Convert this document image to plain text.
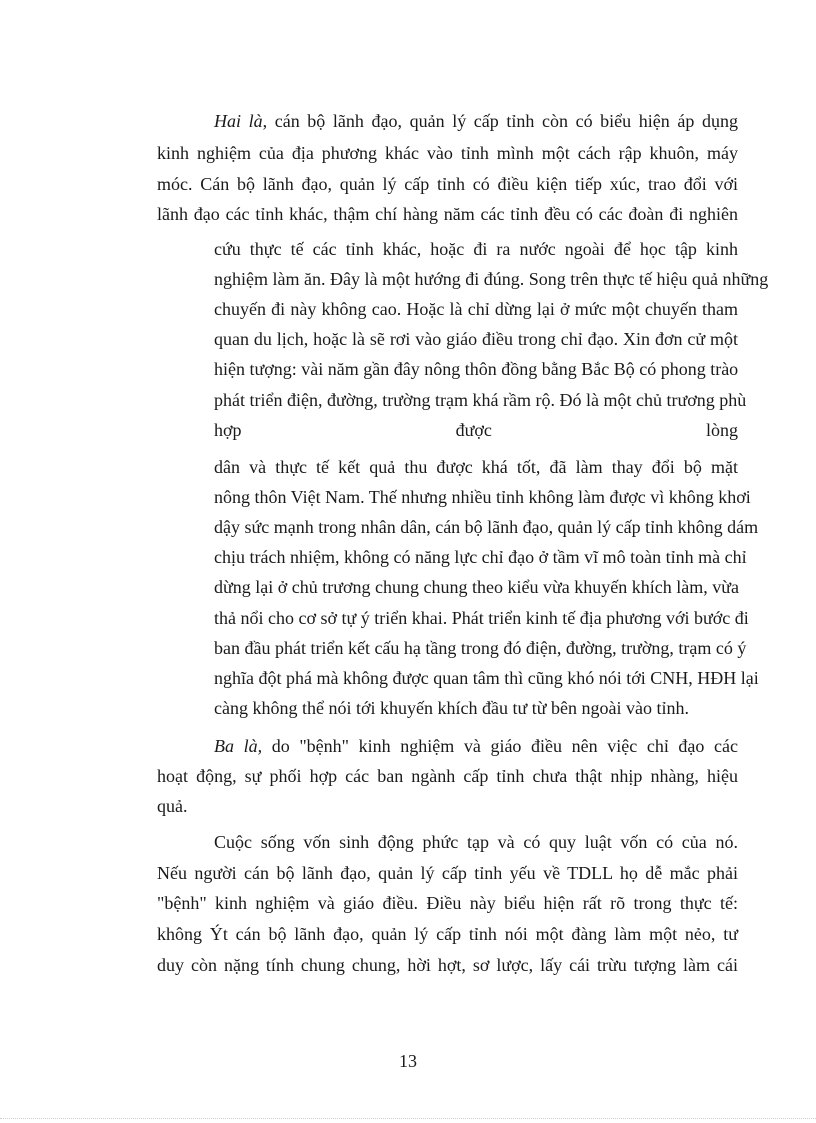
Hai là, cán bộ lãnh đạo, quản lý cấp tỉnh còn có biểu hiện áp dụng
kinh nghiệm của địa phương khác vào tỉnh mình một cách rập khuôn, máy
móc. Cán bộ lãnh đạo, quản lý cấp tỉnh có điều kiện tiếp xúc, trao đổi với
lãnh đạo các tỉnh khác, thậm chí hàng năm các tỉnh đều có các đoàn đi nghiên
cứu thực tế các tỉnh khác, hoặc đi ra nước ngoài để học tập kinh
nghiệm làm ăn. Đây là một hướng đi đúng. Song trên thực tế hiệu quả những
chuyến đi này không cao. Hoặc là chỉ dừng lại ở mức một chuyến tham
quan du lịch, hoặc là sẽ rơi vào giáo điều trong chỉ đạo. Xin đơn cử một
hiện tượng: vài năm gần đây nông thôn đồng bằng Bắc Bộ có phong trào
phát triển điện, đường, trường trạm khá rầm rộ. Đó là một chủ trương phù
hợp được lòng
dân và thực tế kết quả thu được khá tốt, đã làm thay đổi bộ mặt
nông thôn Việt Nam. Thế nhưng nhiều tỉnh không làm được vì không khơi
dậy sức mạnh trong nhân dân, cán bộ lãnh đạo, quản lý cấp tỉnh không dám
chịu trách nhiệm, không có năng lực chỉ đạo ở tầm vĩ mô toàn tỉnh mà chỉ
dừng lại ở chủ trương chung chung theo kiểu vừa khuyến khích làm, vừa
thả nổi cho cơ sở tự ý triển khai. Phát triển kinh tế địa phương với bước đi
ban đầu phát triển kết cấu hạ tầng trong đó điện, đường, trường, trạm có ý
nghĩa đột phá mà không được quan tâm thì cũng khó nói tới CNH, HĐH lại
càng không thể nói tới khuyến khích đầu tư từ bên ngoài vào tỉnh.
Ba là, do "bệnh" kinh nghiệm và giáo điều nên việc chỉ đạo các
hoạt động, sự phối hợp các ban ngành cấp tỉnh chưa thật nhịp nhàng, hiệu
quả.
Cuộc sống vốn sinh động phức tạp và có quy luật vốn có của nó.
Nếu người cán bộ lãnh đạo, quản lý cấp tỉnh yếu về TDLL họ dễ mắc phải
"bệnh" kinh nghiệm và giáo điều. Điều này biểu hiện rất rõ trong thực tế:
không Ýt cán bộ lãnh đạo, quản lý cấp tỉnh nói một đàng làm một nẻo, tư
duy còn nặng tính chung chung, hời hợt, sơ lược, lấy cái trừu tượng làm cái
13
